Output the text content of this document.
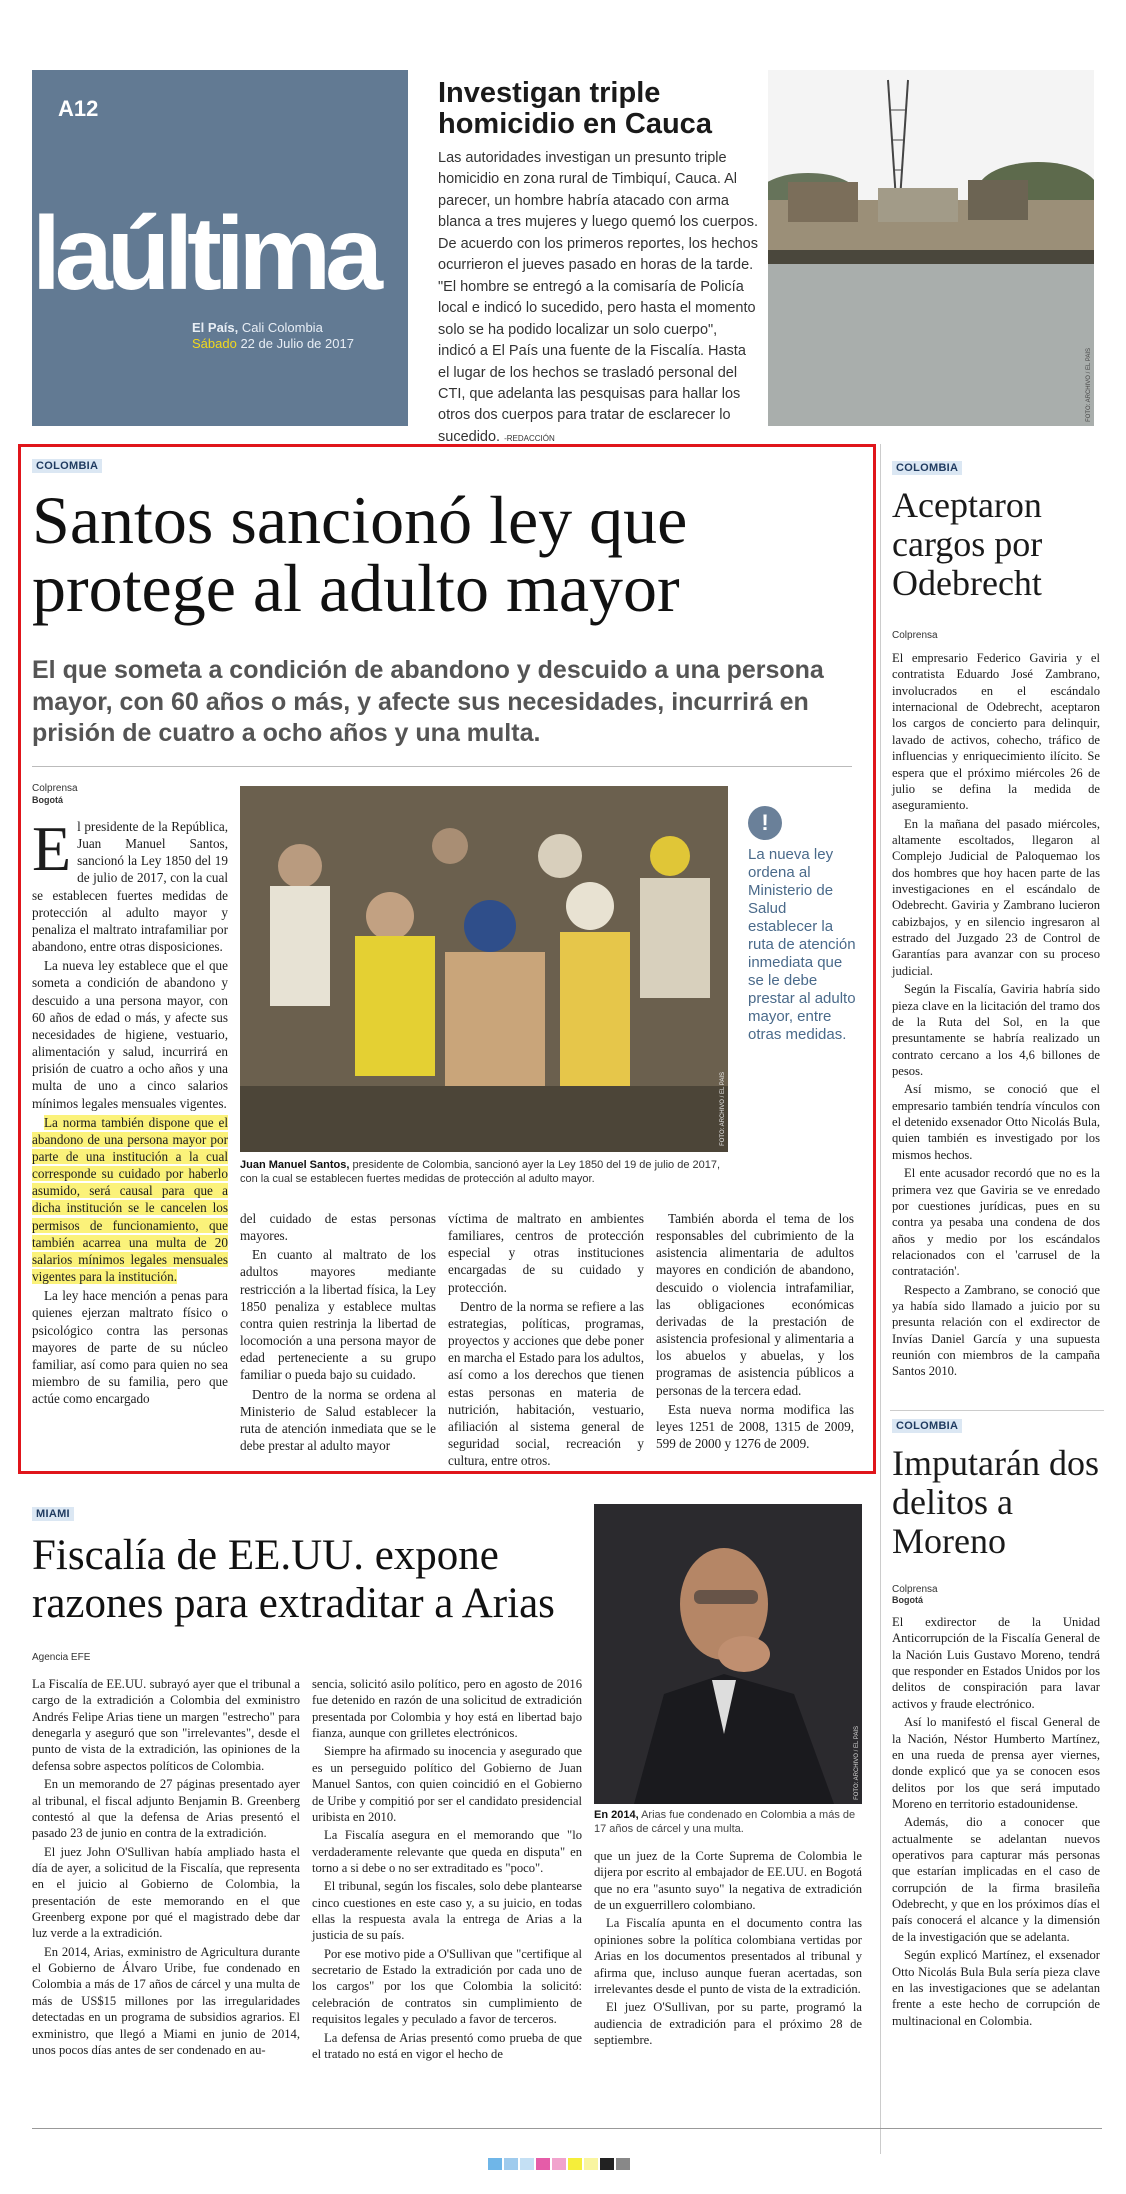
A12
laúltima
El País, Cali Colombia
Sábado 22 de Julio de 2017
Investigan triple homicidio en Cauca
Las autoridades investigan un presunto triple homicidio en zona rural de Timbiquí, Cauca. Al parecer, un hombre habría atacado con arma blanca a tres mujeres y luego quemó los cuerpos. De acuerdo con los primeros reportes, los hechos ocurrieron el jueves pasado en horas de la tarde. "El hombre se entregó a la comisaría de Policía local e indicó lo sucedido, pero hasta el momento solo se ha podido localizar un solo cuerpo", indicó a El País una fuente de la Fiscalía. Hasta el lugar de los hechos se trasladó personal del CTI, que adelanta las pesquisas para hallar los otros dos cuerpos para tratar de esclarecer lo sucedido. -REDACCIÓN
FOTO: ARCHIVO / EL PAÍS
COLOMBIA
Santos sancionó ley que protege al adulto mayor
El que someta a condición de abandono y descuido a una persona mayor, con 60 años o más, y afecte sus necesidades, incurrirá en prisión de cuatro a ocho años y una multa.
Colprensa
Bogotá

El presidente de la República, Juan Manuel Santos, sancionó la Ley 1850 del 19 de julio de 2017, con la cual se establecen fuertes medidas de protección al adulto mayor y penaliza el maltrato intrafamiliar por abandono, entre otras disposiciones.

La nueva ley establece que el que someta a condición de abandono y descuido a una persona mayor, con 60 años de edad o más, y afecte sus necesidades de higiene, vestuario, alimentación y salud, incurrirá en prisión de cuatro a ocho años y una multa de uno a cinco salarios mínimos legales mensuales vigentes.

La norma también dispone que el abandono de una persona mayor por parte de una institución a la cual corresponde su cuidado por haberlo asumido, será causal para que a dicha institución se le cancelen los permisos de funcionamiento, que también acarrea una multa de 20 salarios mínimos legales mensuales vigentes para la institución.

La ley hace mención a penas para quienes ejerzan maltrato físico o psicológico contra las personas mayores de parte de su núcleo familiar, así como para quien no sea miembro de su familia, pero que actúe como encargado

FOTO: ARCHIVO / EL PAÍS
Juan Manuel Santos, presidente de Colombia, sancionó ayer la Ley 1850 del 19 de julio de 2017, con la cual se establecen fuertes medidas de protección al adulto mayor.
!
La nueva ley ordena al Ministerio de Salud establecer la ruta de atención inmediata que se le debe prestar al adulto mayor, entre otras medidas.

del cuidado de estas personas mayores.

En cuanto al maltrato de los adultos mayores mediante restricción a la libertad física, la Ley 1850 penaliza y establece multas contra quien restrinja la libertad de locomoción a una persona mayor de edad perteneciente a su grupo familiar o pueda bajo su cuidado.

Dentro de la norma se ordena al Ministerio de Salud establecer la ruta de atención inmediata que se le debe prestar al adulto mayor

víctima de maltrato en ambientes familiares, centros de protección especial y otras instituciones encargadas de su cuidado y protección.

Dentro de la norma se refiere a las estrategias, políticas, programas, proyectos y acciones que debe poner en marcha el Estado para los adultos, así como a los derechos que tienen estas personas en materia de nutrición, habitación, vestuario, afiliación al sistema general de seguridad social, recreación y cultura, entre otros.

También aborda el tema de los responsables del cubrimiento de la asistencia alimentaria de adultos mayores en condición de abandono, descuido o violencia intrafamiliar, las obligaciones económicas derivadas de la prestación de asistencia profesional y alimentaria a los abuelos y abuelas, y los programas de asistencia públicos a personas de la tercera edad.

Esta nueva norma modifica las leyes 1251 de 2008, 1315 de 2009, 599 de 2000 y 1276 de 2009.

COLOMBIA
Aceptaron cargos por Odebrecht
Colprensa

El empresario Federico Gaviria y el contratista Eduardo José Zambrano, involucrados en el escándalo internacional de Odebrecht, aceptaron los cargos de concierto para delinquir, lavado de activos, cohecho, tráfico de influencias y enriquecimiento ilícito. Se espera que el próximo miércoles 26 de julio se defina la medida de aseguramiento.

En la mañana del pasado miércoles, altamente escoltados, llegaron al Complejo Judicial de Paloquemao los dos hombres que hoy hacen parte de las investigaciones en el escándalo de Odebrecht. Gaviria y Zambrano lucieron cabizbajos, y en silencio ingresaron al estrado del Juzgado 23 de Control de Garantías para avanzar con su proceso judicial.

Según la Fiscalía, Gaviria habría sido pieza clave en la licitación del tramo dos de la Ruta del Sol, en la que presuntamente se habría realizado un contrato cercano a los 4,6 billones de pesos.

Así mismo, se conoció que el empresario también tendría vínculos con el detenido exsenador Otto Nicolás Bula, quien también es investigado por los mismos hechos.

El ente acusador recordó que no es la primera vez que Gaviria se ve enredado por cuestiones jurídicas, pues en su contra ya pesaba una condena de dos años y medio por los escándalos relacionados con el 'carrusel de la contratación'.

Respecto a Zambrano, se conoció que ya había sido llamado a juicio por su presunta relación con el exdirector de Invías Daniel García y una supuesta reunión con miembros de la campaña Santos 2010.

COLOMBIA
Imputarán dos delitos a Moreno
Colprensa
Bogotá

El exdirector de la Unidad Anticorrupción de la Fiscalía General de la Nación Luis Gustavo Moreno, tendrá que responder en Estados Unidos por los delitos de conspiración para lavar activos y fraude electrónico.

Así lo manifestó el fiscal General de la Nación, Néstor Humberto Martínez, en una rueda de prensa ayer viernes, donde explicó que ya se conocen esos delitos por los que será imputado Moreno en territorio estadounidense.

Además, dio a conocer que actualmente se adelantan nuevos operativos para capturar más personas que estarían implicadas en el caso de corrupción de la firma brasileña Odebrecht, y que en los próximos días el país conocerá el alcance y la dimensión de la investigación que se adelanta.

Según explicó Martínez, el exsenador Otto Nicolás Bula Bula sería pieza clave en las investigaciones que se adelantan frente a este hecho de corrupción de multinacional en Colombia.

MIAMI
Fiscalía de EE.UU. expone razones para extraditar a Arias
Agencia EFE

La Fiscalía de EE.UU. subrayó ayer que el tribunal a cargo de la extradición a Colombia del exministro Andrés Felipe Arias tiene un margen "estrecho" para denegarla y aseguró que son "irrelevantes", desde el punto de vista de la extradición, las opiniones de la defensa sobre aspectos políticos de Colombia.

En un memorando de 27 páginas presentado ayer al tribunal, el fiscal adjunto Benjamin B. Greenberg contestó al que la defensa de Arias presentó el pasado 23 de junio en contra de la extradición.

El juez John O'Sullivan había ampliado hasta el día de ayer, a solicitud de la Fiscalía, que representa en el juicio al Gobierno de Colombia, la presentación de este memorando en el que Greenberg expone por qué el magistrado debe dar luz verde a la extradición.

En 2014, Arias, exministro de Agricultura durante el Gobierno de Álvaro Uribe, fue condenado en Colombia a más de 17 años de cárcel y una multa de más de US$15 millones por las irregularidades detectadas en un programa de subsidios agrarios. El exministro, que llegó a Miami en junio de 2014, unos pocos días antes de ser condenado en au-

sencia, solicitó asilo político, pero en agosto de 2016 fue detenido en razón de una solicitud de extradición presentada por Colombia y hoy está en libertad bajo fianza, aunque con grilletes electrónicos.

Siempre ha afirmado su inocencia y asegurado que es un perseguido político del Gobierno de Juan Manuel Santos, con quien coincidió en el Gobierno de Uribe y compitió por ser el candidato presidencial uribista en 2010.

La Fiscalía asegura en el memorando que "lo verdaderamente relevante que queda en disputa" en torno a si debe o no ser extraditado es "poco".

El tribunal, según los fiscales, solo debe plantearse cinco cuestiones en este caso y, a su juicio, en todas ellas la respuesta avala la entrega de Arias a la justicia de su país.

Por ese motivo pide a O'Sullivan que "certifique al secretario de Estado la extradición por cada uno de los cargos" por los que Colombia la solicitó: celebración de contratos sin cumplimiento de requisitos legales y peculado a favor de terceros.

La defensa de Arias presentó como prueba de que el tratado no está en vigor el hecho de

FOTO: ARCHIVO / EL PAÍS
En 2014, Arias fue condenado en Colombia a más de 17 años de cárcel y una multa.

que un juez de la Corte Suprema de Colombia le dijera por escrito al embajador de EE.UU. en Bogotá que no era "asunto suyo" la negativa de extradición de un exguerrillero colombiano.

La Fiscalía apunta en el documento contra las opiniones sobre la política colombiana vertidas por Arias en los documentos presentados al tribunal y afirma que, incluso aunque fueran acertadas, son irrelevantes desde el punto de vista de la extradición.

El juez O'Sullivan, por su parte, programó la audiencia de extradición para el próximo 28 de septiembre.
